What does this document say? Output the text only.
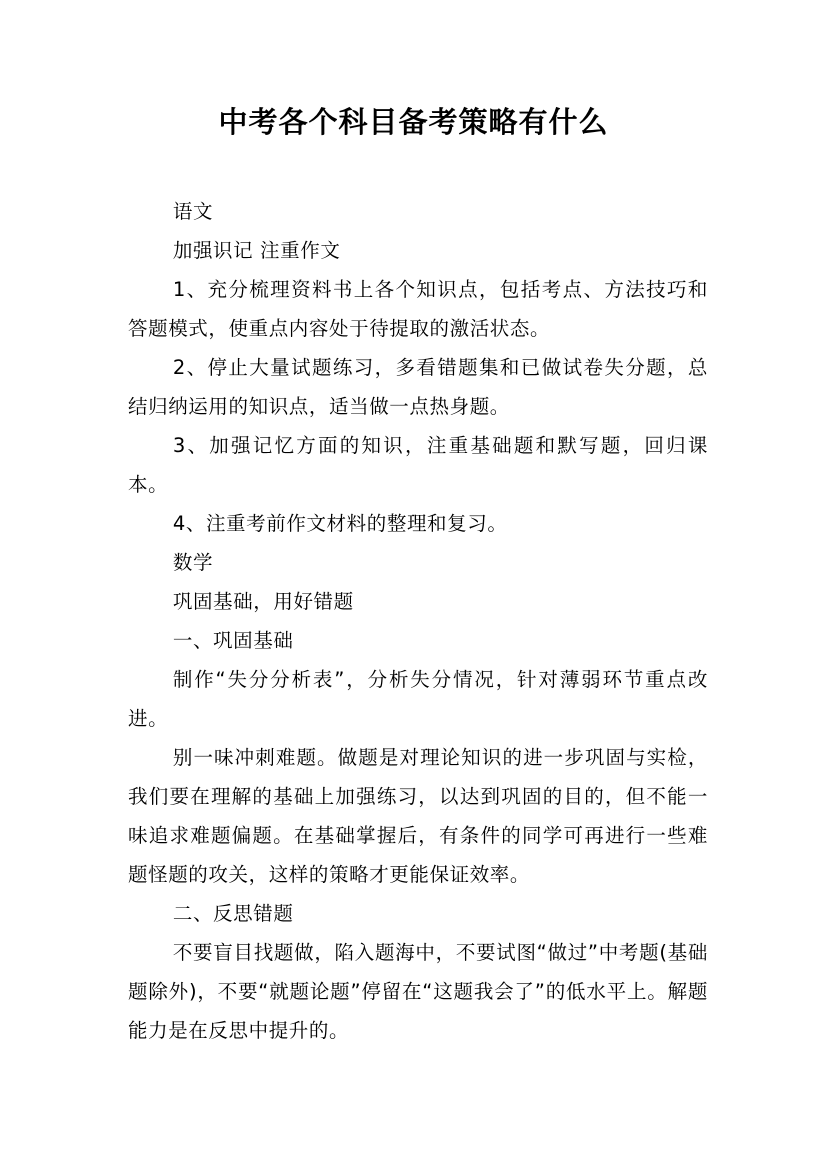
中考各个科目备考策略有什么

语文

加强识记 注重作文

1、充分梳理资料书上各个知识点，包括考点、方法技巧和答题模式，使重点内容处于待提取的激活状态。

2、停止大量试题练习，多看错题集和已做试卷失分题，总结归纳运用的知识点，适当做一点热身题。

3、加强记忆方面的知识，注重基础题和默写题，回归课本。

4、注重考前作文材料的整理和复习。

数学

巩固基础，用好错题

一、巩固基础

制作“失分分析表”，分析失分情况，针对薄弱环节重点改进。

别一味冲刺难题。做题是对理论知识的进一步巩固与实检，我们要在理解的基础上加强练习，以达到巩固的目的，但不能一味追求难题偏题。在基础掌握后，有条件的同学可再进行一些难题怪题的攻关，这样的策略才更能保证效率。

二、反思错题

不要盲目找题做，陷入题海中，不要试图“做过”中考题(基础题除外)，不要“就题论题”停留在“这题我会了”的低水平上。解题能力是在反思中提升的。
